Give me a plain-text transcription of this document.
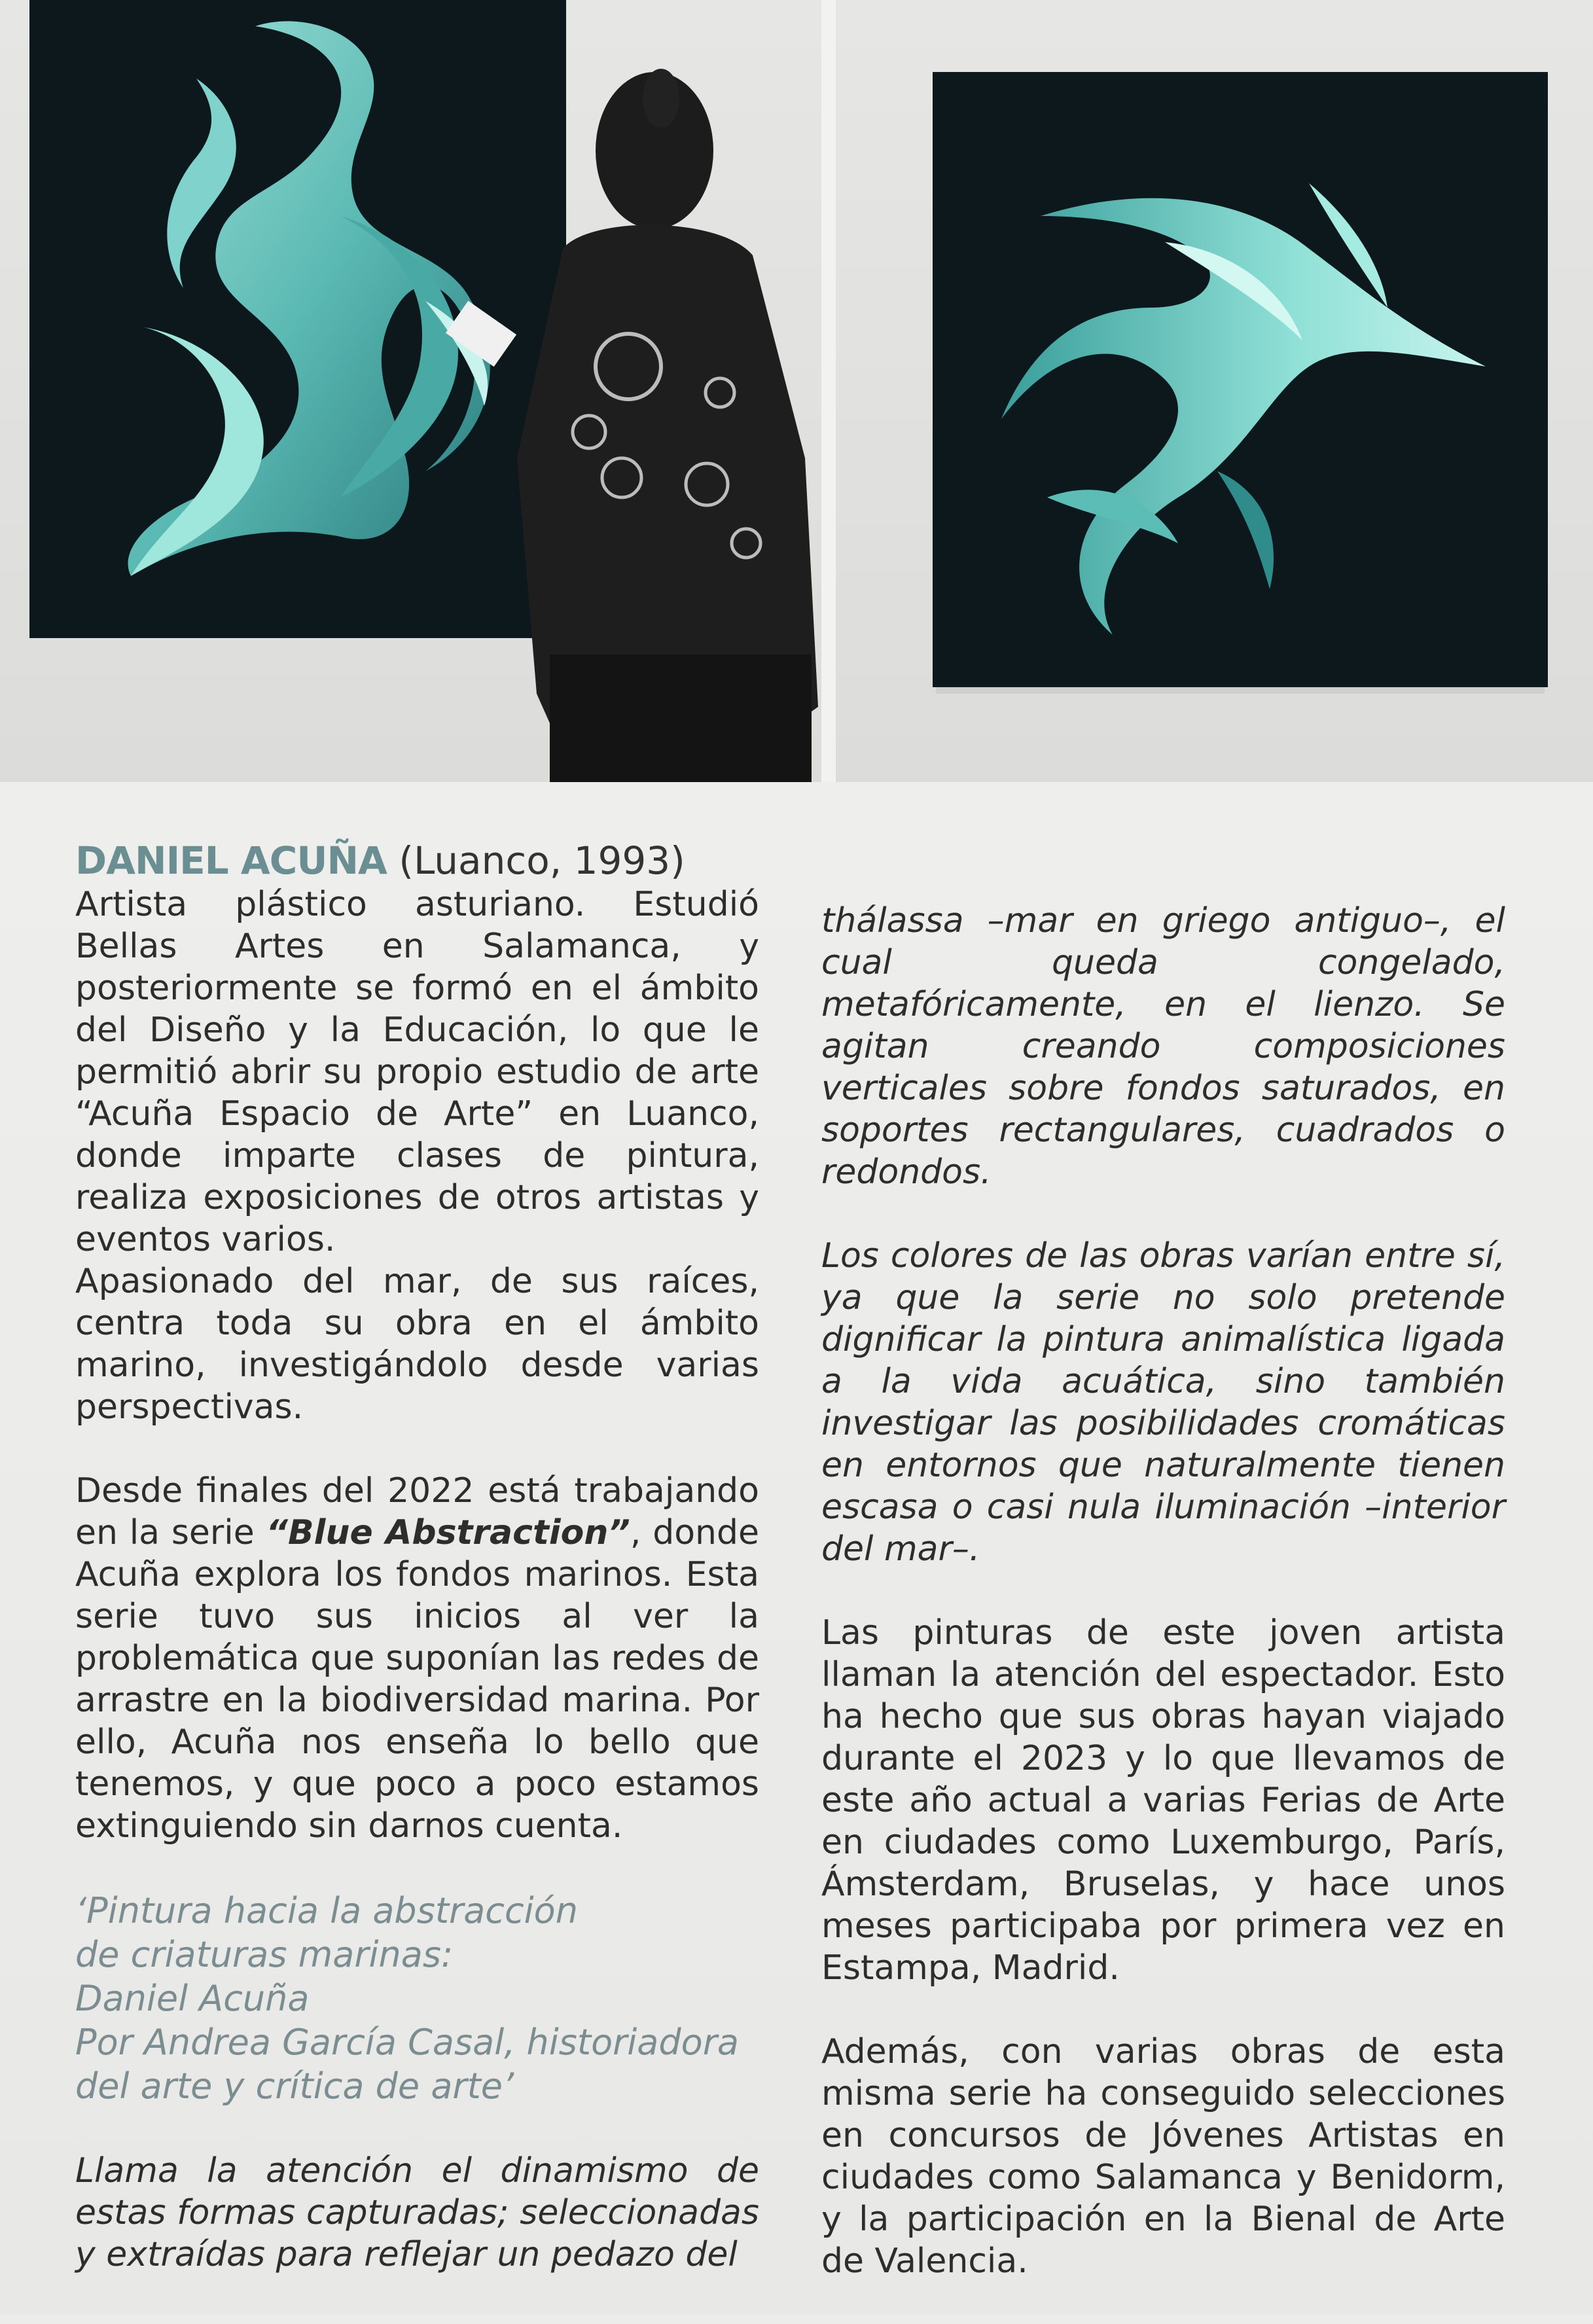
DANIEL ACUÑA (Luanco, 1993)

Artista plástico asturiano. Estudió Bellas Artes en Salamanca, y posteriormente se formó en el ámbito del Diseño y la Educación, lo que le permitió abrir su propio estudio de arte “Acuña Espacio de Arte” en Luanco, donde imparte clases de pintura, realiza exposiciones de otros artistas y eventos varios.

Apasionado del mar, de sus raíces, centra toda su obra en el ámbito marino, investigándolo desde varias perspectivas.

Desde finales del 2022 está trabajando en la serie “Blue Abstraction”, donde Acuña explora los fondos marinos. Esta serie tuvo sus inicios al ver la problemática que suponían las redes de arrastre en la biodiversidad marina. Por ello, Acuña nos enseña lo bello que tenemos, y que poco a poco estamos extinguiendo sin darnos cuenta.

‘Pintura hacia la abstracción
de criaturas marinas:
Daniel Acuña
Por Andrea García Casal, historiadora
del arte y crítica de arte’

Llama la atención el dinamismo de estas formas capturadas; seleccionadas y extraídas para reflejar un pedazo del

thálassa –mar en griego antiguo–, el cual queda congelado, metafóricamente, en el lienzo. Se agitan creando composiciones verticales sobre fondos saturados, en soportes rectangulares, cuadrados o redondos.

Los colores de las obras varían entre sí, ya que la serie no solo pretende dignificar la pintura animalística ligada a la vida acuática, sino también investigar las posibilidades cromáticas en entornos que naturalmente tienen escasa o casi nula iluminación –interior del mar–.

Las pinturas de este joven artista llaman la atención del espectador. Esto ha hecho que sus obras hayan viajado durante el 2023 y lo que llevamos de este año actual a varias Ferias de Arte en ciudades como Luxemburgo, París, Ámsterdam, Bruselas, y hace unos meses participaba por primera vez en Estampa, Madrid.

Además, con varias obras de esta misma serie ha conseguido selecciones en concursos de Jóvenes Artistas en ciudades como Salamanca y Benidorm, y la participación en la Bienal de Arte de Valencia.
